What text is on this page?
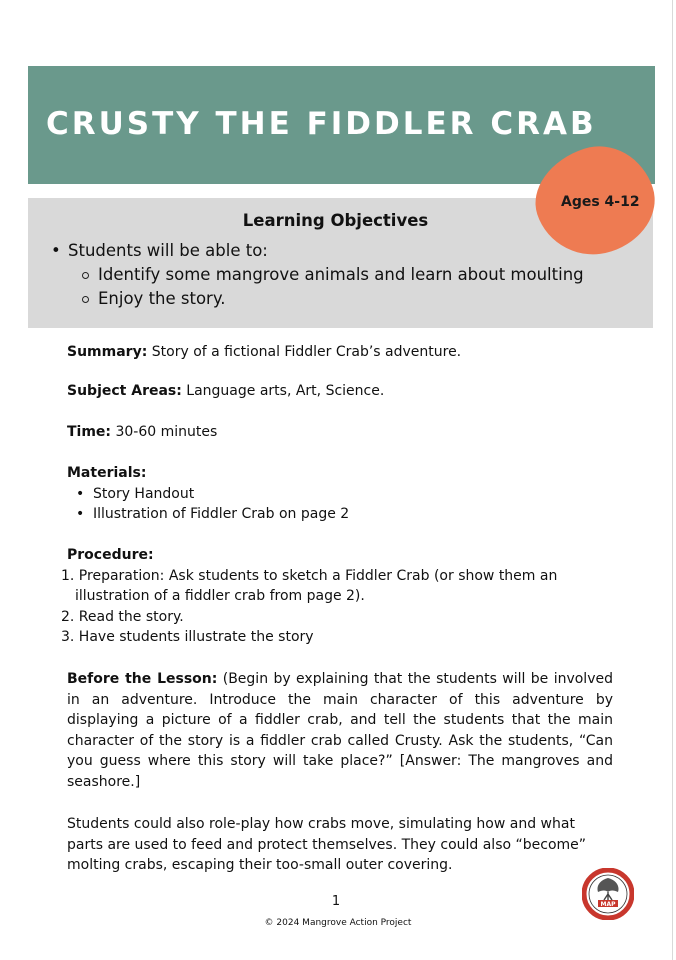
CRUSTY THE FIDDLER CRAB
Learning Objectives
• Students will be able to:
Identify some mangrove animals and learn about moulting
Enjoy the story.
Ages 4-12

Summary: Story of a fictional Fiddler Crab’s adventure.

Subject Areas: Language arts, Art, Science.

Time: 30-60 minutes

Materials:
• Story Handout
• Illustration of Fiddler Crab on page 2
Procedure:
1. Preparation: Ask students to sketch a Fiddler Crab (or show them an illustration of a fiddler crab from page 2).
2. Read the story.
3. Have students illustrate the story

Before the Lesson: (Begin by explaining that the students will be involved in an adventure. Introduce the main character of this adventure by displaying a picture of a fiddler crab, and tell the students that the main character of the story is a fiddler crab called Crusty. Ask the students, “Can you guess where this story will take place?” [Answer: The mangroves and seashore.]

Students could also role-play how crabs move, simulating how and what parts are used to feed and protect themselves. They could also “become” molting crabs, escaping their too-small outer covering.

1
© 2024 Mangrove Action Project
MAP
